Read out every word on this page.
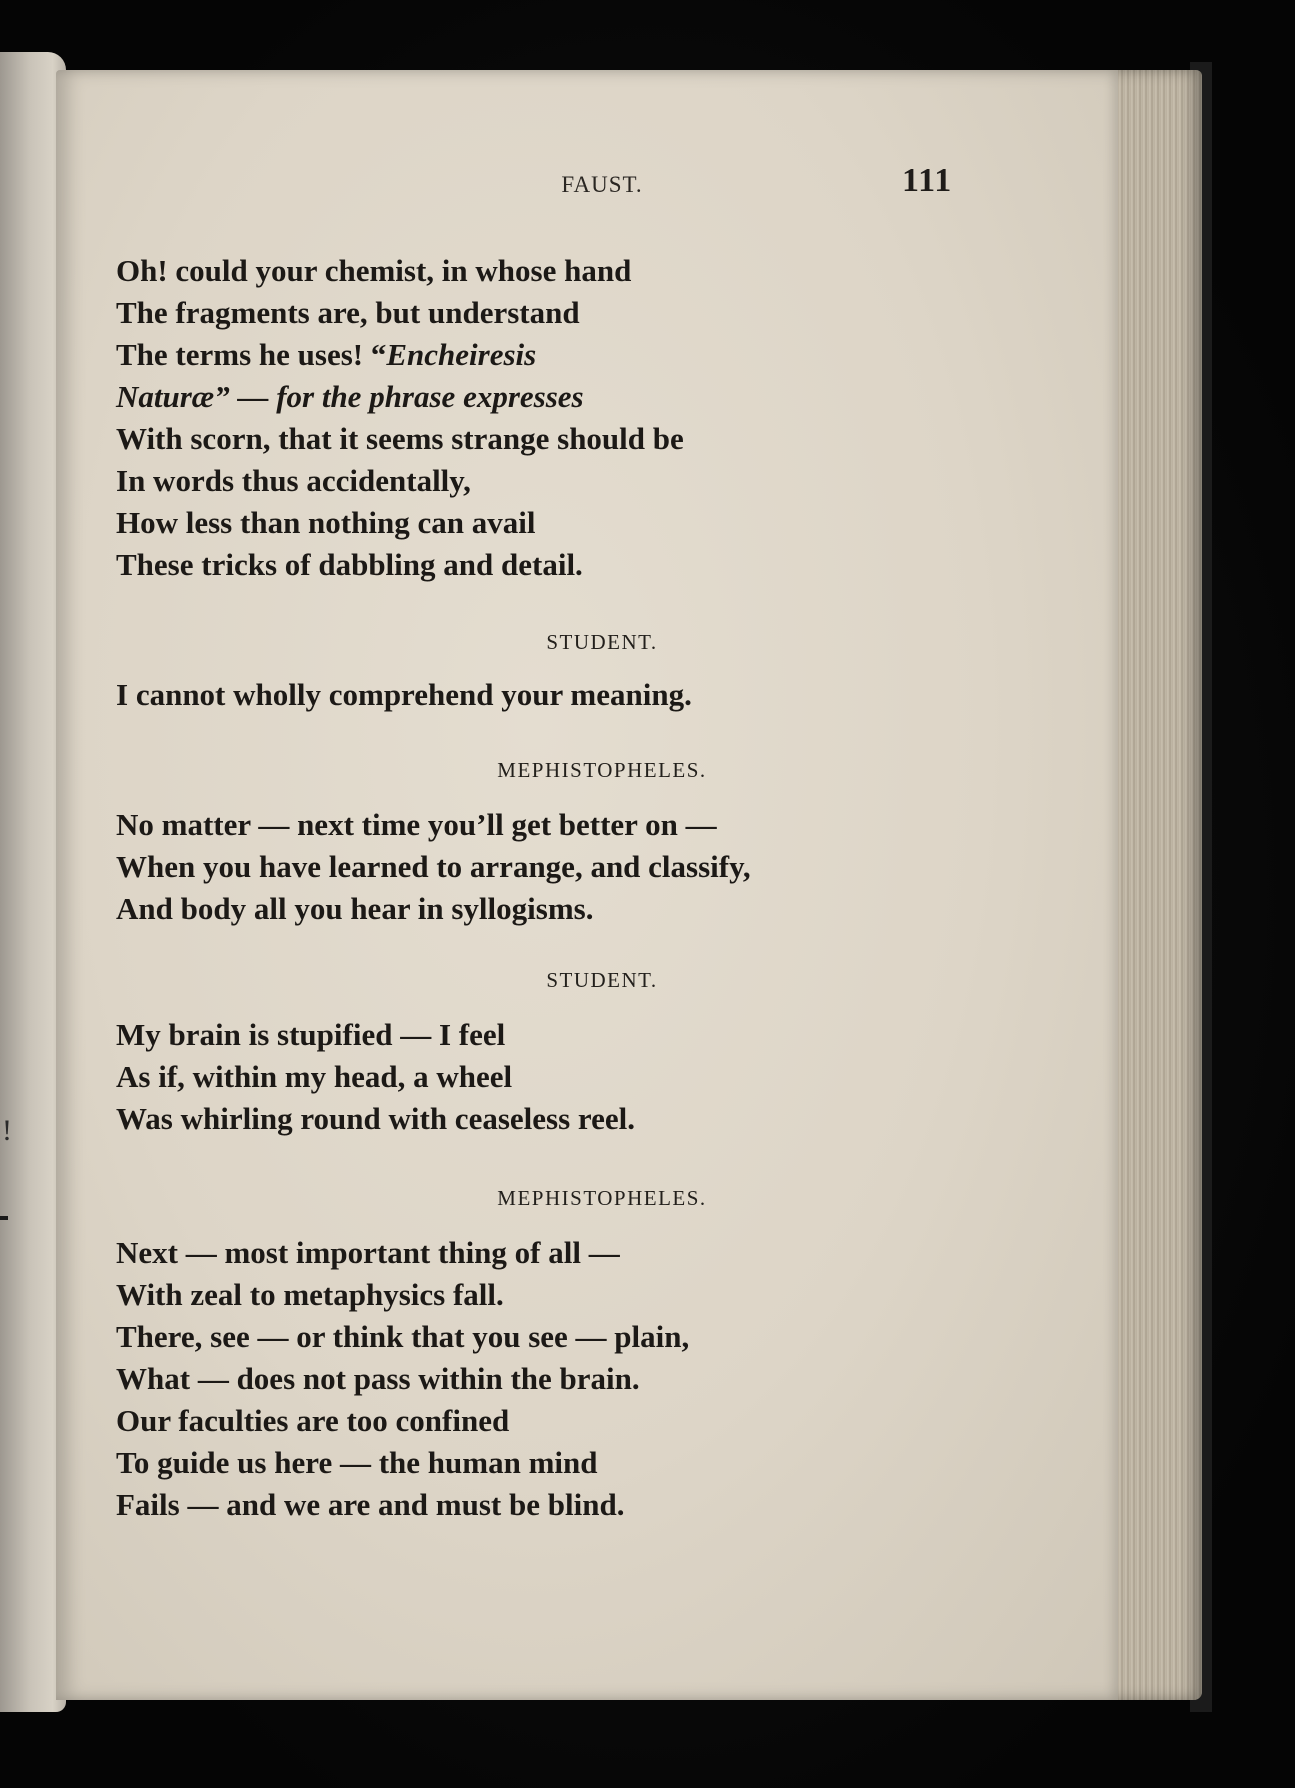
!
FAUST.	111
Oh! could your chemist, in whose hand
The fragments are, but understand
The terms he uses! “Encheiresis
Naturæ” — for the phrase expresses
With scorn, that it seems strange should be
In words thus accidentally,
How less than nothing can avail
These tricks of dabbling and detail.
STUDENT.
I cannot wholly comprehend your meaning.
MEPHISTOPHELES.
No matter — next time you’ll get better on —
When you have learned to arrange, and classify,
And body all you hear in syllogisms.
STUDENT.
My brain is stupified — I feel
As if, within my head, a wheel
Was whirling round with ceaseless reel.
MEPHISTOPHELES.
Next — most important thing of all —
With zeal to metaphysics fall.
There, see — or think that you see — plain,
What — does not pass within the brain.
Our faculties are too confined
To guide us here — the human mind
Fails — and we are and must be blind.
